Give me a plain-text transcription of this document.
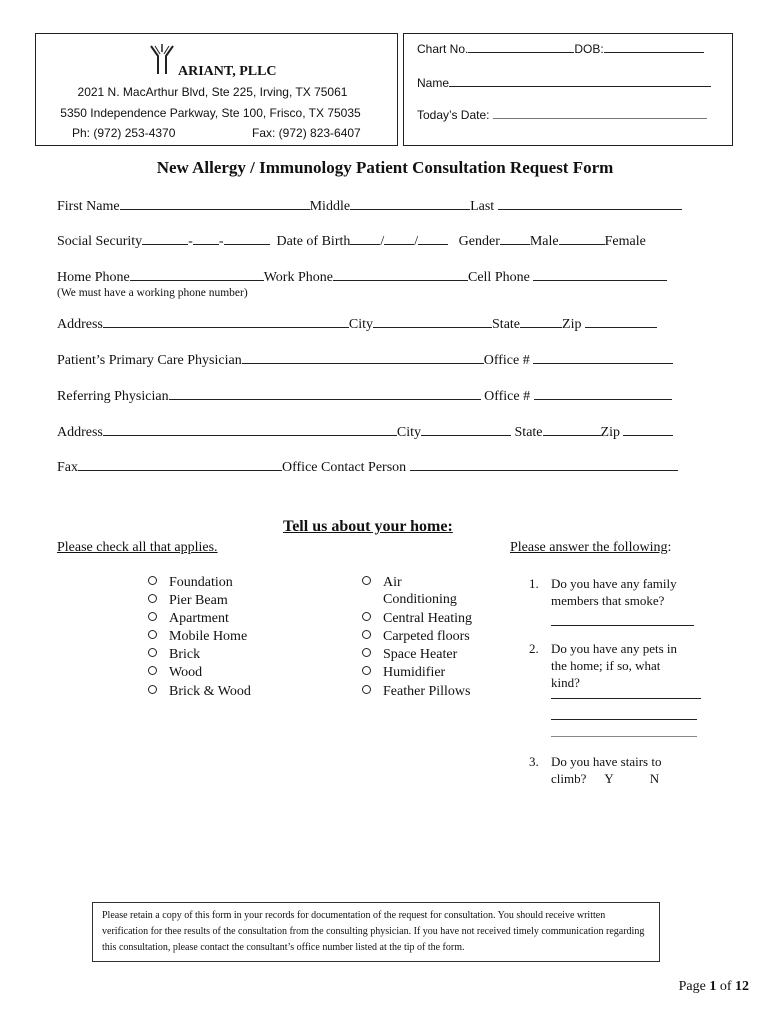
ARIANT, PLLC
2021 N. MacArthur Blvd, Ste 225, Irving, TX 75061
5350 Independence Parkway, Ste 100, Frisco, TX 75035
Ph: (972) 253-4370	Fax: (972) 823-6407
Chart No.	DOB:
Name
Today’s Date:
New Allergy / Immunology Patient Consultation Request Form
First Name	Middle	Last
Social Security	- -	Date of Birth / /	Gender Male	Female
Home Phone	Work Phone	Cell Phone
(We must have a working phone number)
Address	City	State	Zip
Patient’s Primary Care Physician	Office #
Referring Physician	Office #
Address	City	State	Zip
Fax	Office Contact Person
Tell us about your home:
Please check all that applies.	Please answer the following:
Foundation
Pier Beam
Apartment
Mobile Home
Brick
Wood
Brick & Wood
Air
Conditioning
Central Heating
Carpeted floors
Space Heater
Humidifier
Feather Pillows
1. Do you have any family
members that smoke?
2. Do you have any pets in
the home; if so, what
kind?
3. Do you have stairs to
climb? Y	N
Please retain a copy of this form in your records for documentation of the request for consultation. You should receive written verification for thee results of the consultation from the consulting physician. If you have not received timely communication regarding this consultation, please contact the consultant’s office number listed at the tip of the form.
Page 1 of 12
